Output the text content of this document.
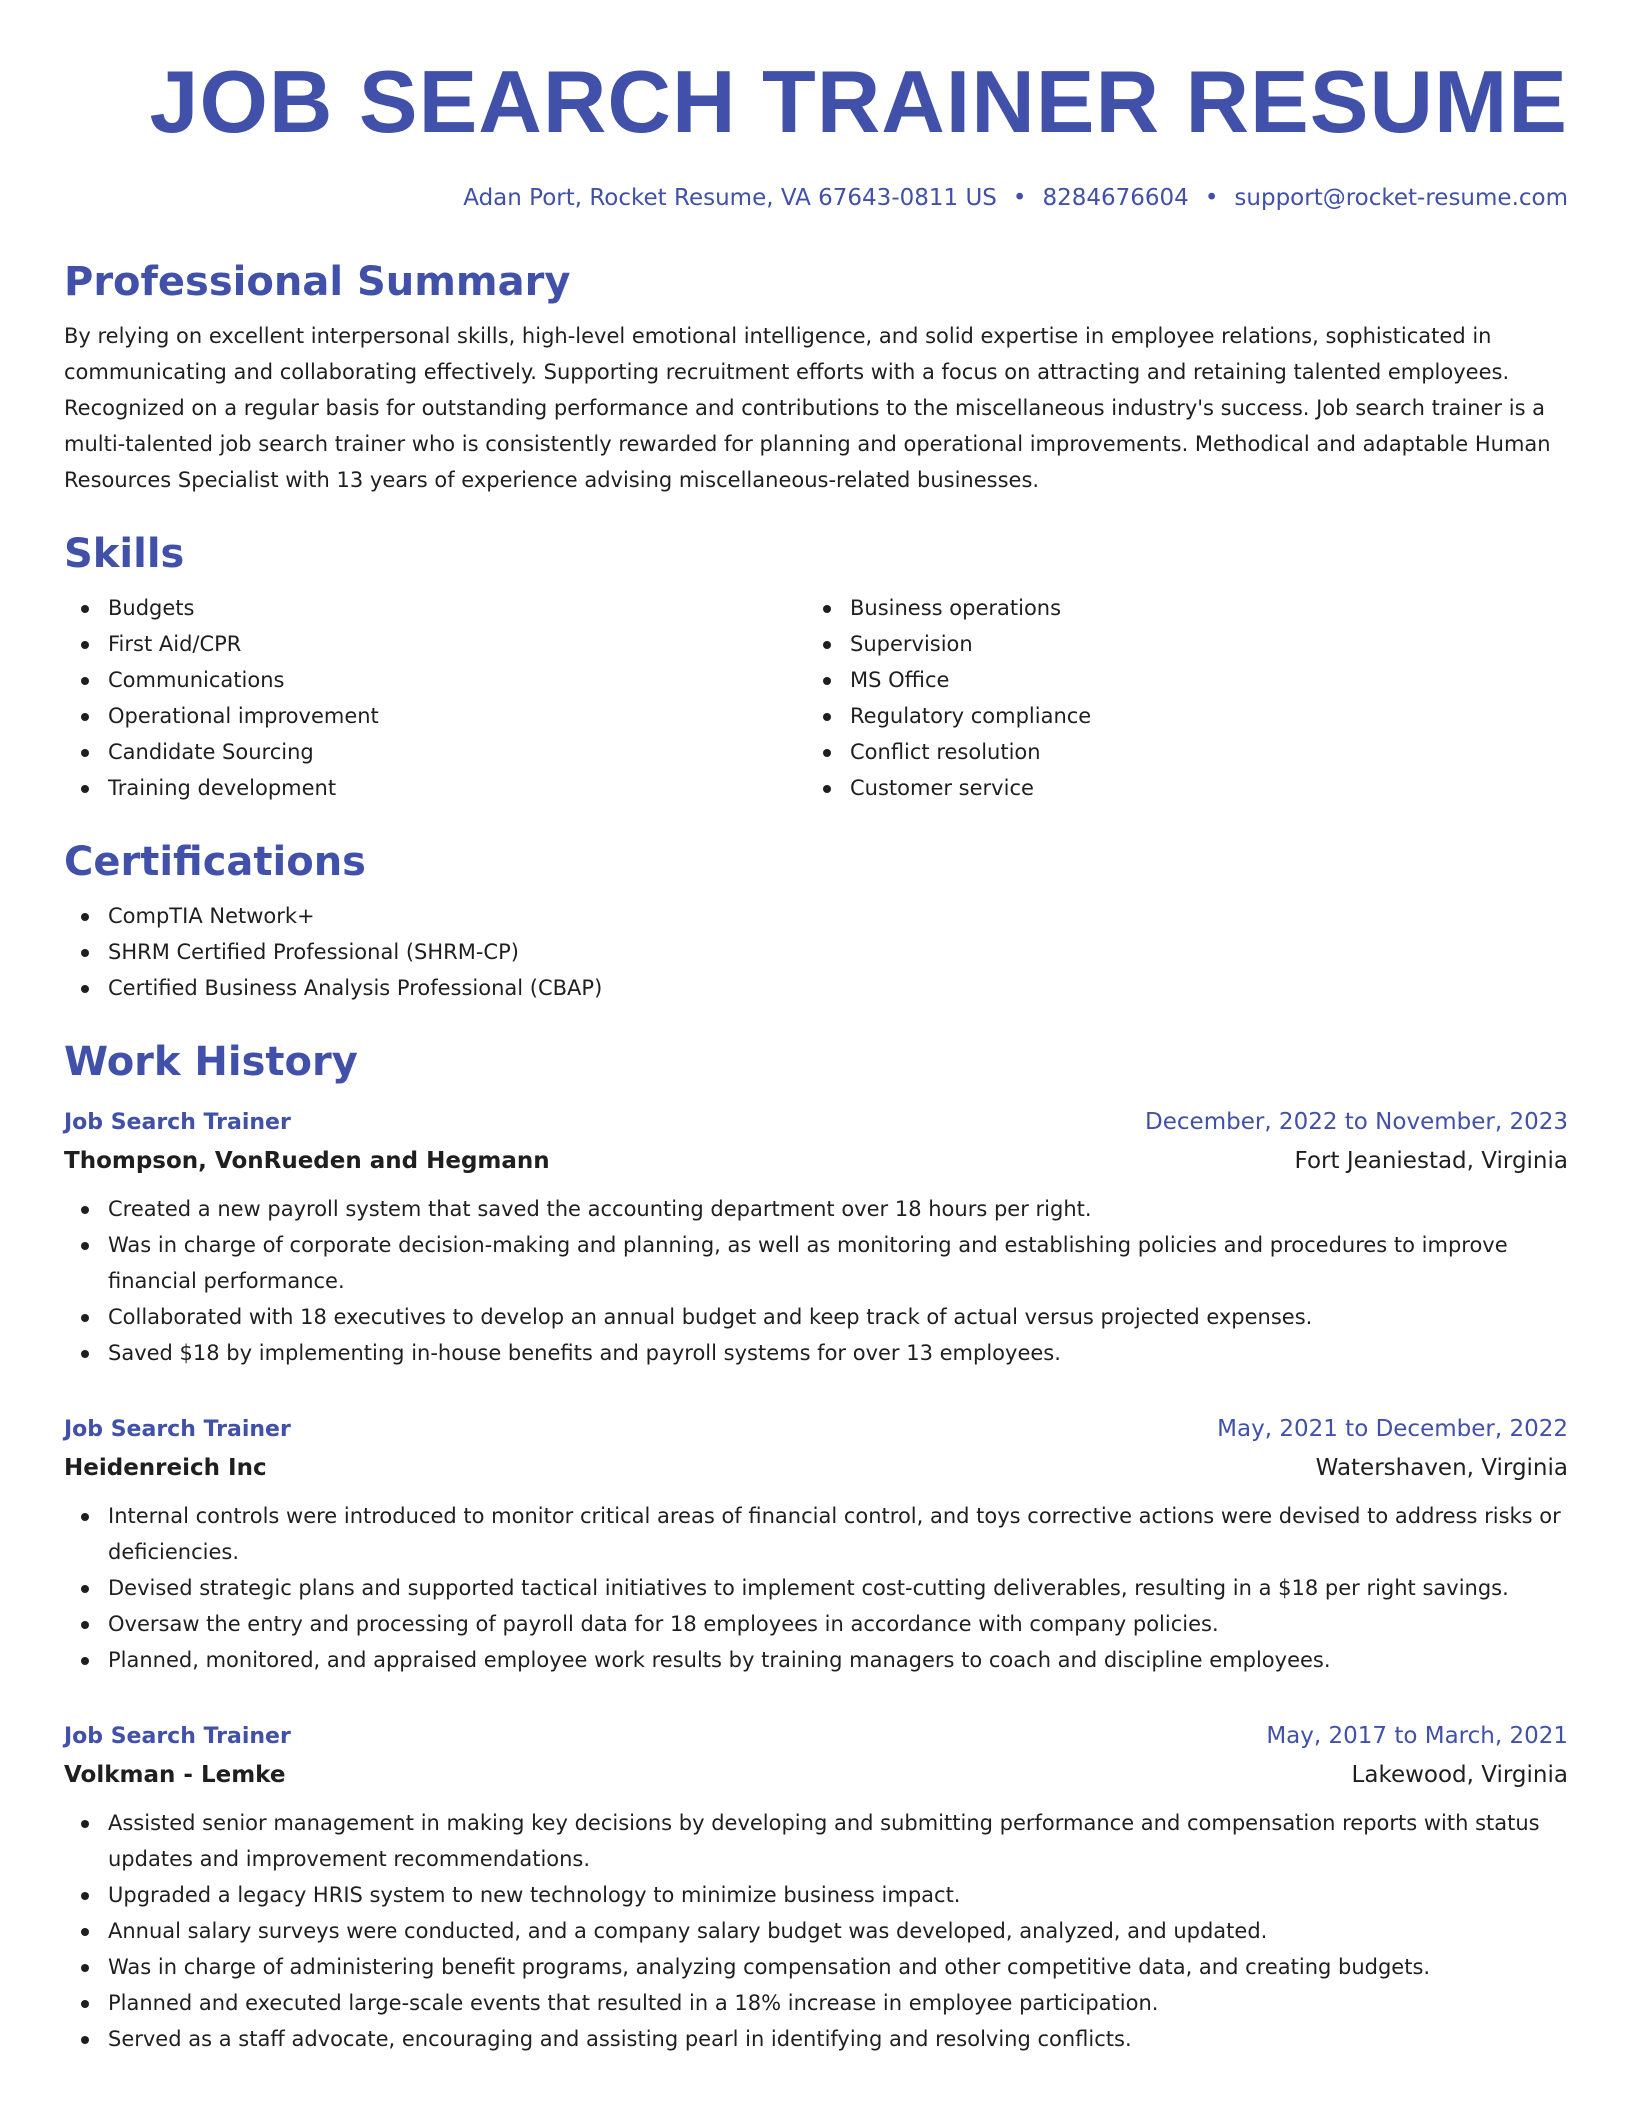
JOB SEARCH TRAINER RESUME
Adan Port, Rocket Resume, VA 67643-0811 US • 8284676604 • support@rocket-resume.com
Professional Summary
By relying on excellent interpersonal skills, high-level emotional intelligence, and solid expertise in employee relations, sophisticated in communicating and collaborating effectively. Supporting recruitment efforts with a focus on attracting and retaining talented employees. Recognized on a regular basis for outstanding performance and contributions to the miscellaneous industry's success. Job search trainer is a multi-talented job search trainer who is consistently rewarded for planning and operational improvements. Methodical and adaptable Human Resources Specialist with 13 years of experience advising miscellaneous-related businesses.
Skills
Budgets
First Aid/CPR
Communications
Operational improvement
Candidate Sourcing
Training development
Business operations
Supervision
MS Office
Regulatory compliance
Conflict resolution
Customer service
Certifications
CompTIA Network+
SHRM Certified Professional (SHRM-CP)
Certified Business Analysis Professional (CBAP)
Work History
Job Search Trainer	December, 2022 to November, 2023
Thompson, VonRueden and Hegmann	Fort Jeaniestad, Virginia
Created a new payroll system that saved the accounting department over 18 hours per right.
Was in charge of corporate decision-making and planning, as well as monitoring and establishing policies and procedures to improve financial performance.
Collaborated with 18 executives to develop an annual budget and keep track of actual versus projected expenses.
Saved $18 by implementing in-house benefits and payroll systems for over 13 employees.
Job Search Trainer	May, 2021 to December, 2022
Heidenreich Inc	Watershaven, Virginia
Internal controls were introduced to monitor critical areas of financial control, and toys corrective actions were devised to address risks or deficiencies.
Devised strategic plans and supported tactical initiatives to implement cost-cutting deliverables, resulting in a $18 per right savings.
Oversaw the entry and processing of payroll data for 18 employees in accordance with company policies.
Planned, monitored, and appraised employee work results by training managers to coach and discipline employees.
Job Search Trainer	May, 2017 to March, 2021
Volkman - Lemke	Lakewood, Virginia
Assisted senior management in making key decisions by developing and submitting performance and compensation reports with status updates and improvement recommendations.
Upgraded a legacy HRIS system to new technology to minimize business impact.
Annual salary surveys were conducted, and a company salary budget was developed, analyzed, and updated.
Was in charge of administering benefit programs, analyzing compensation and other competitive data, and creating budgets.
Planned and executed large-scale events that resulted in a 18% increase in employee participation.
Served as a staff advocate, encouraging and assisting pearl in identifying and resolving conflicts.
